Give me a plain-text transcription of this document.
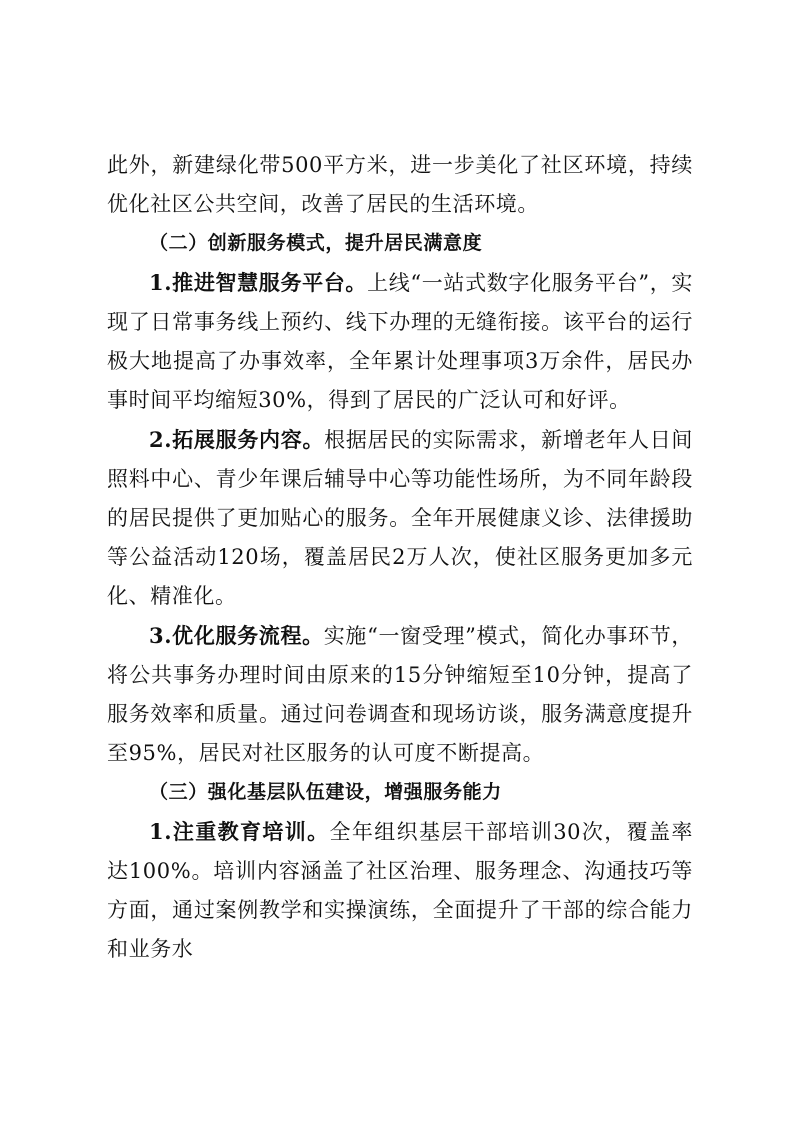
此外，新建绿化带500平方米，进一步美化了社区环境，持续优化社区公共空间，改善了居民的生活环境。

（二）创新服务模式，提升居民满意度

1.推进智慧服务平台。上线“一站式数字化服务平台”，实现了日常事务线上预约、线下办理的无缝衔接。该平台的运行极大地提高了办事效率，全年累计处理事项3万余件，居民办事时间平均缩短30%，得到了居民的广泛认可和好评。

2.拓展服务内容。根据居民的实际需求，新增老年人日间照料中心、青少年课后辅导中心等功能性场所，为不同年龄段的居民提供了更加贴心的服务。全年开展健康义诊、法律援助等公益活动120场，覆盖居民2万人次，使社区服务更加多元化、精准化。

3.优化服务流程。实施“一窗受理”模式，简化办事环节，将公共事务办理时间由原来的15分钟缩短至10分钟，提高了服务效率和质量。通过问卷调查和现场访谈，服务满意度提升至95%，居民对社区服务的认可度不断提高。

（三）强化基层队伍建设，增强服务能力

1.注重教育培训。全年组织基层干部培训30次，覆盖率达100%。培训内容涵盖了社区治理、服务理念、沟通技巧等方面，通过案例教学和实操演练，全面提升了干部的综合能力和业务水
